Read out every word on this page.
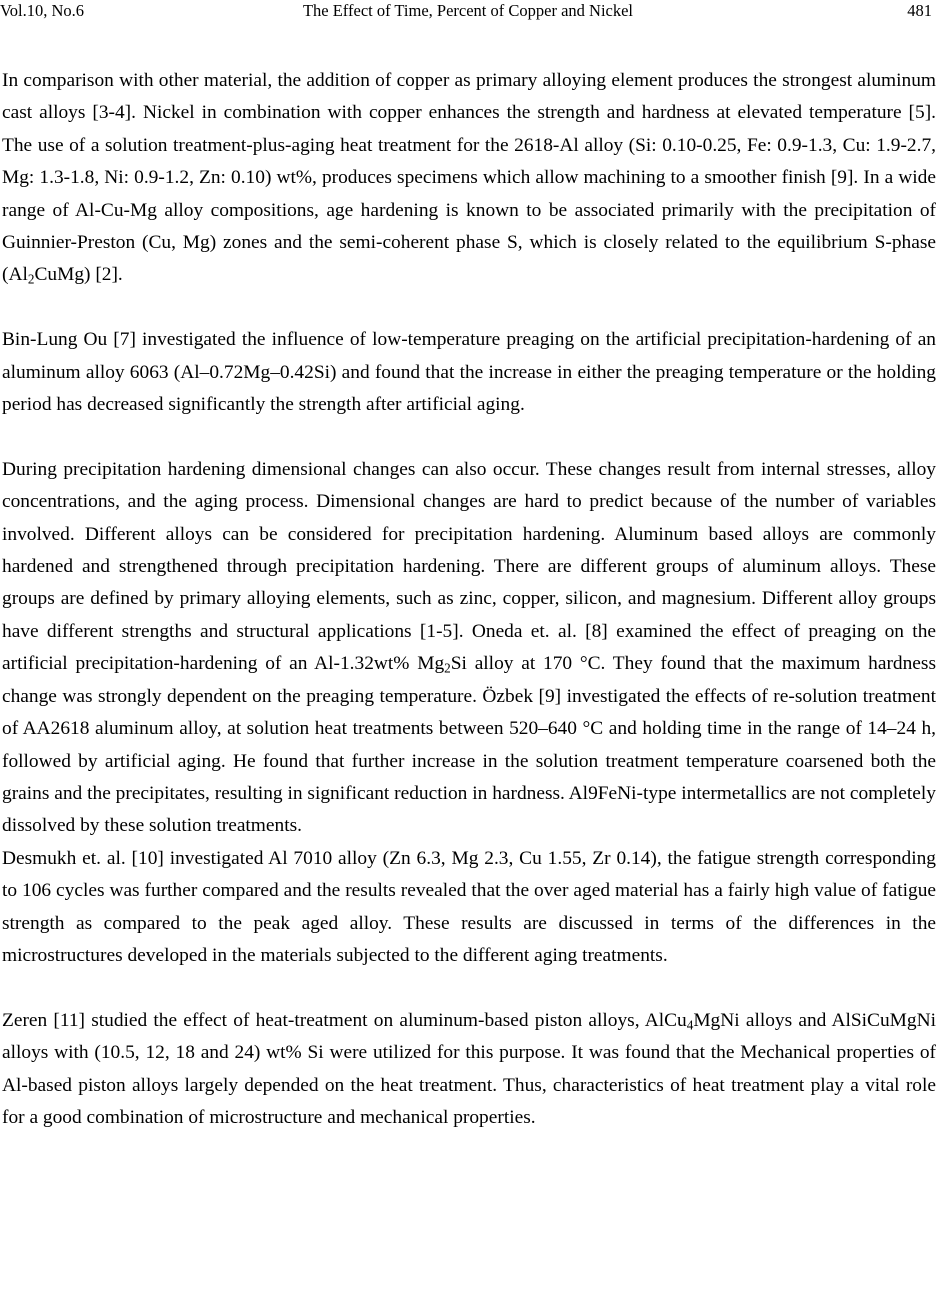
Vol.10, No.6	The Effect of Time, Percent of Copper and Nickel	481

In comparison with other material, the addition of copper as primary alloying element produces the strongest aluminum cast alloys [3-4]. Nickel in combination with copper enhances the strength and hardness at elevated temperature [5]. The use of a solution treatment-plus-aging heat treatment for the 2618-Al alloy (Si: 0.10-0.25, Fe: 0.9-1.3, Cu: 1.9-2.7, Mg: 1.3-1.8, Ni: 0.9-1.2, Zn: 0.10) wt%, produces specimens which allow machining to a smoother finish [9]. In a wide range of Al-Cu-Mg alloy compositions, age hardening is known to be associated primarily with the precipitation of Guinnier-Preston (Cu, Mg) zones and the semi-coherent phase S, which is closely related to the equilibrium S-phase $(Al_2CuMg)$ [2].

Bin-Lung Ou [7] investigated the influence of low-temperature preaging on the artificial precipitation-hardening of an aluminum alloy 6063 (Al–0.72Mg–0.42Si) and found that the increase in either the preaging temperature or the holding period has decreased significantly the strength after artificial aging.

During precipitation hardening dimensional changes can also occur. These changes result from internal stresses, alloy concentrations, and the aging process. Dimensional changes are hard to predict because of the number of variables involved. Different alloys can be considered for precipitation hardening. Aluminum based alloys are commonly hardened and strengthened through precipitation hardening. There are different groups of aluminum alloys. These groups are defined by primary alloying elements, such as zinc, copper, silicon, and magnesium. Different alloy groups have different strengths and structural applications [1-5]. Oneda et. al. [8] examined the effect of preaging on the artificial precipitation-hardening of an Al-1.32wt% $Mg_2Si$ alloy at 170 °C. They found that the maximum hardness change was strongly dependent on the preaging temperature. Özbek [9] investigated the effects of re-solution treatment of AA2618 aluminum alloy, at solution heat treatments between 520–640 °C and holding time in the range of 14–24 h, followed by artificial aging. He found that further increase in the solution treatment temperature coarsened both the grains and the precipitates, resulting in significant reduction in hardness. Al9FeNi-type intermetallics are not completely dissolved by these solution treatments.

Desmukh et. al. [10] investigated Al 7010 alloy (Zn 6.3, Mg 2.3, Cu 1.55, Zr 0.14), the fatigue strength corresponding to 106 cycles was further compared and the results revealed that the over aged material has a fairly high value of fatigue strength as compared to the peak aged alloy. These results are discussed in terms of the differences in the microstructures developed in the materials subjected to the different aging treatments.

Zeren [11] studied the effect of heat-treatment on aluminum-based piston alloys, AlCu$_4$MgNi alloys and AlSiCuMgNi alloys with (10.5, 12, 18 and 24) wt% Si were utilized for this purpose. It was found that the Mechanical properties of Al-based piston alloys largely depended on the heat treatment. Thus, characteristics of heat treatment play a vital role for a good combination of microstructure and mechanical properties.
